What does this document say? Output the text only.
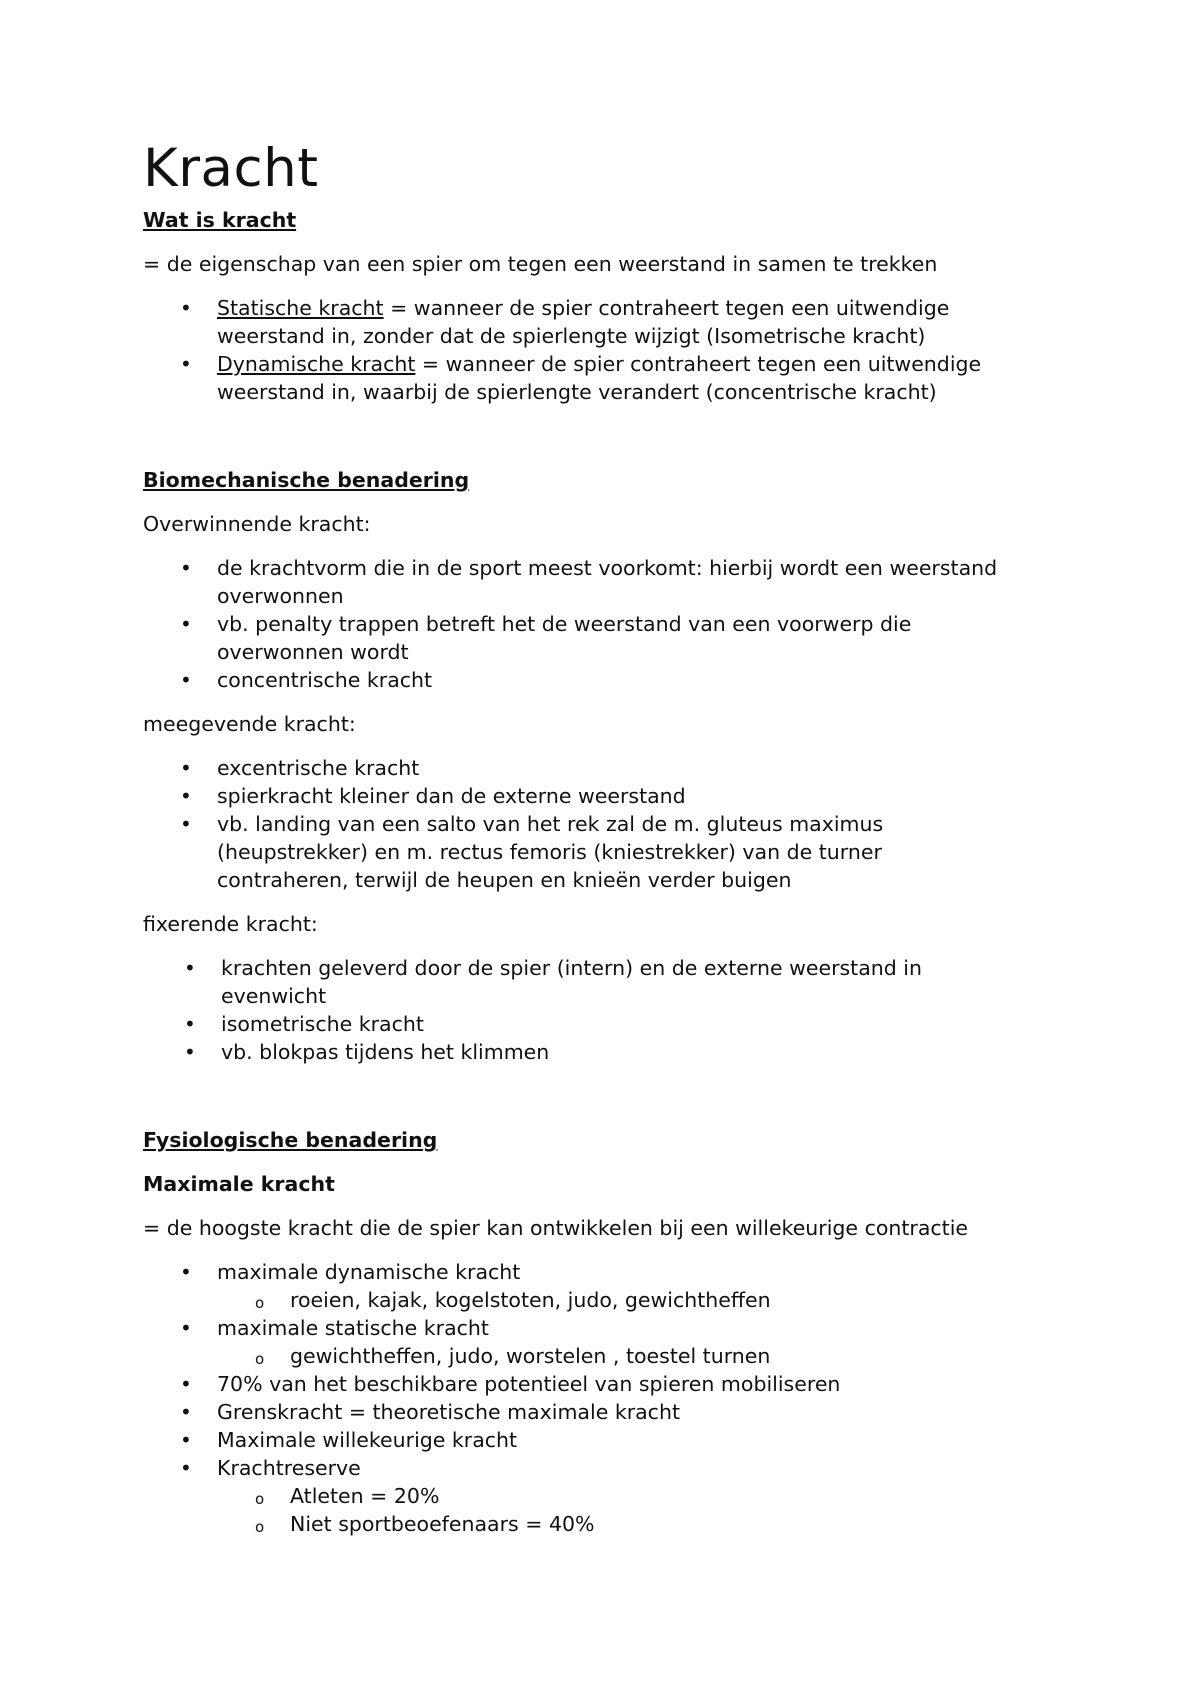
Kracht
Wat is kracht

= de eigenschap van een spier om tegen een weerstand in samen te trekken

• Statische kracht = wanneer de spier contraheert tegen een uitwendige weerstand in, zonder dat de spierlengte wijzigt (Isometrische kracht)
• Dynamische kracht = wanneer de spier contraheert tegen een uitwendige weerstand in, waarbij de spierlengte verandert (concentrische kracht)
Biomechanische benadering

Overwinnende kracht:

• de krachtvorm die in de sport meest voorkomt: hierbij wordt een weerstand overwonnen
• vb. penalty trappen betreft het de weerstand van een voorwerp die overwonnen wordt
• concentrische kracht

meegevende kracht:

• excentrische kracht
• spierkracht kleiner dan de externe weerstand
• vb. landing van een salto van het rek zal de m. gluteus maximus (heupstrekker) en m. rectus femoris (kniestrekker) van de turner contraheren, terwijl de heupen en knieën verder buigen

fixerende kracht:

• krachten geleverd door de spier (intern) en de externe weerstand in evenwicht
• isometrische kracht
• vb. blokpas tijdens het klimmen
Fysiologische benadering
Maximale kracht

= de hoogste kracht die de spier kan ontwikkelen bij een willekeurige contractie

• maximale dynamische kracht
o roeien, kajak, kogelstoten, judo, gewichtheffen
• maximale statische kracht
o gewichtheffen, judo, worstelen , toestel turnen
• 70% van het beschikbare potentieel van spieren mobiliseren
• Grenskracht = theoretische maximale kracht
• Maximale willekeurige kracht
• Krachtreserve
o Atleten = 20%
o Niet sportbeoefenaars = 40%
